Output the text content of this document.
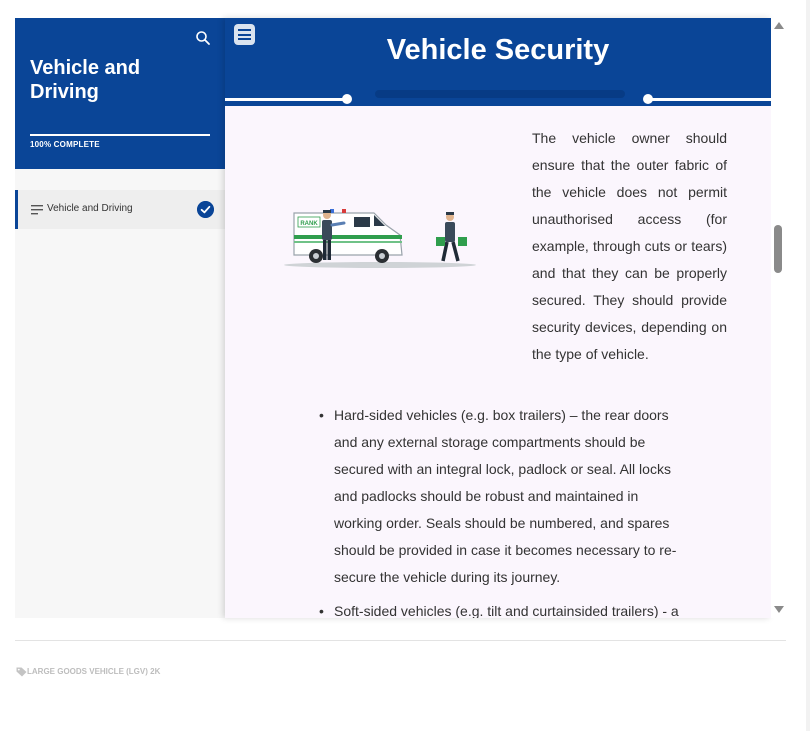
Vehicle and Driving
100% COMPLETE
Vehicle and Driving
Vehicle Security
RANK

The vehicle owner should ensure that the outer fabric of the vehicle does not permit unauthorised access (for example, through cuts or tears) and that they can be properly secured. They should provide security devices, depending on the type of vehicle.

• Hard-sided vehicles (e.g. box trailers) – the rear doors and any external storage compartments should be secured with an integral lock, padlock or seal. All locks and padlocks should be robust and maintained in working order. Seals should be numbered, and spares should be provided in case it becomes necessary to re-secure the vehicle during its journey.
• Soft-sided vehicles (e.g. tilt and curtainsided trailers) - a
LARGE GOODS VEHICLE (LGV) 2K
